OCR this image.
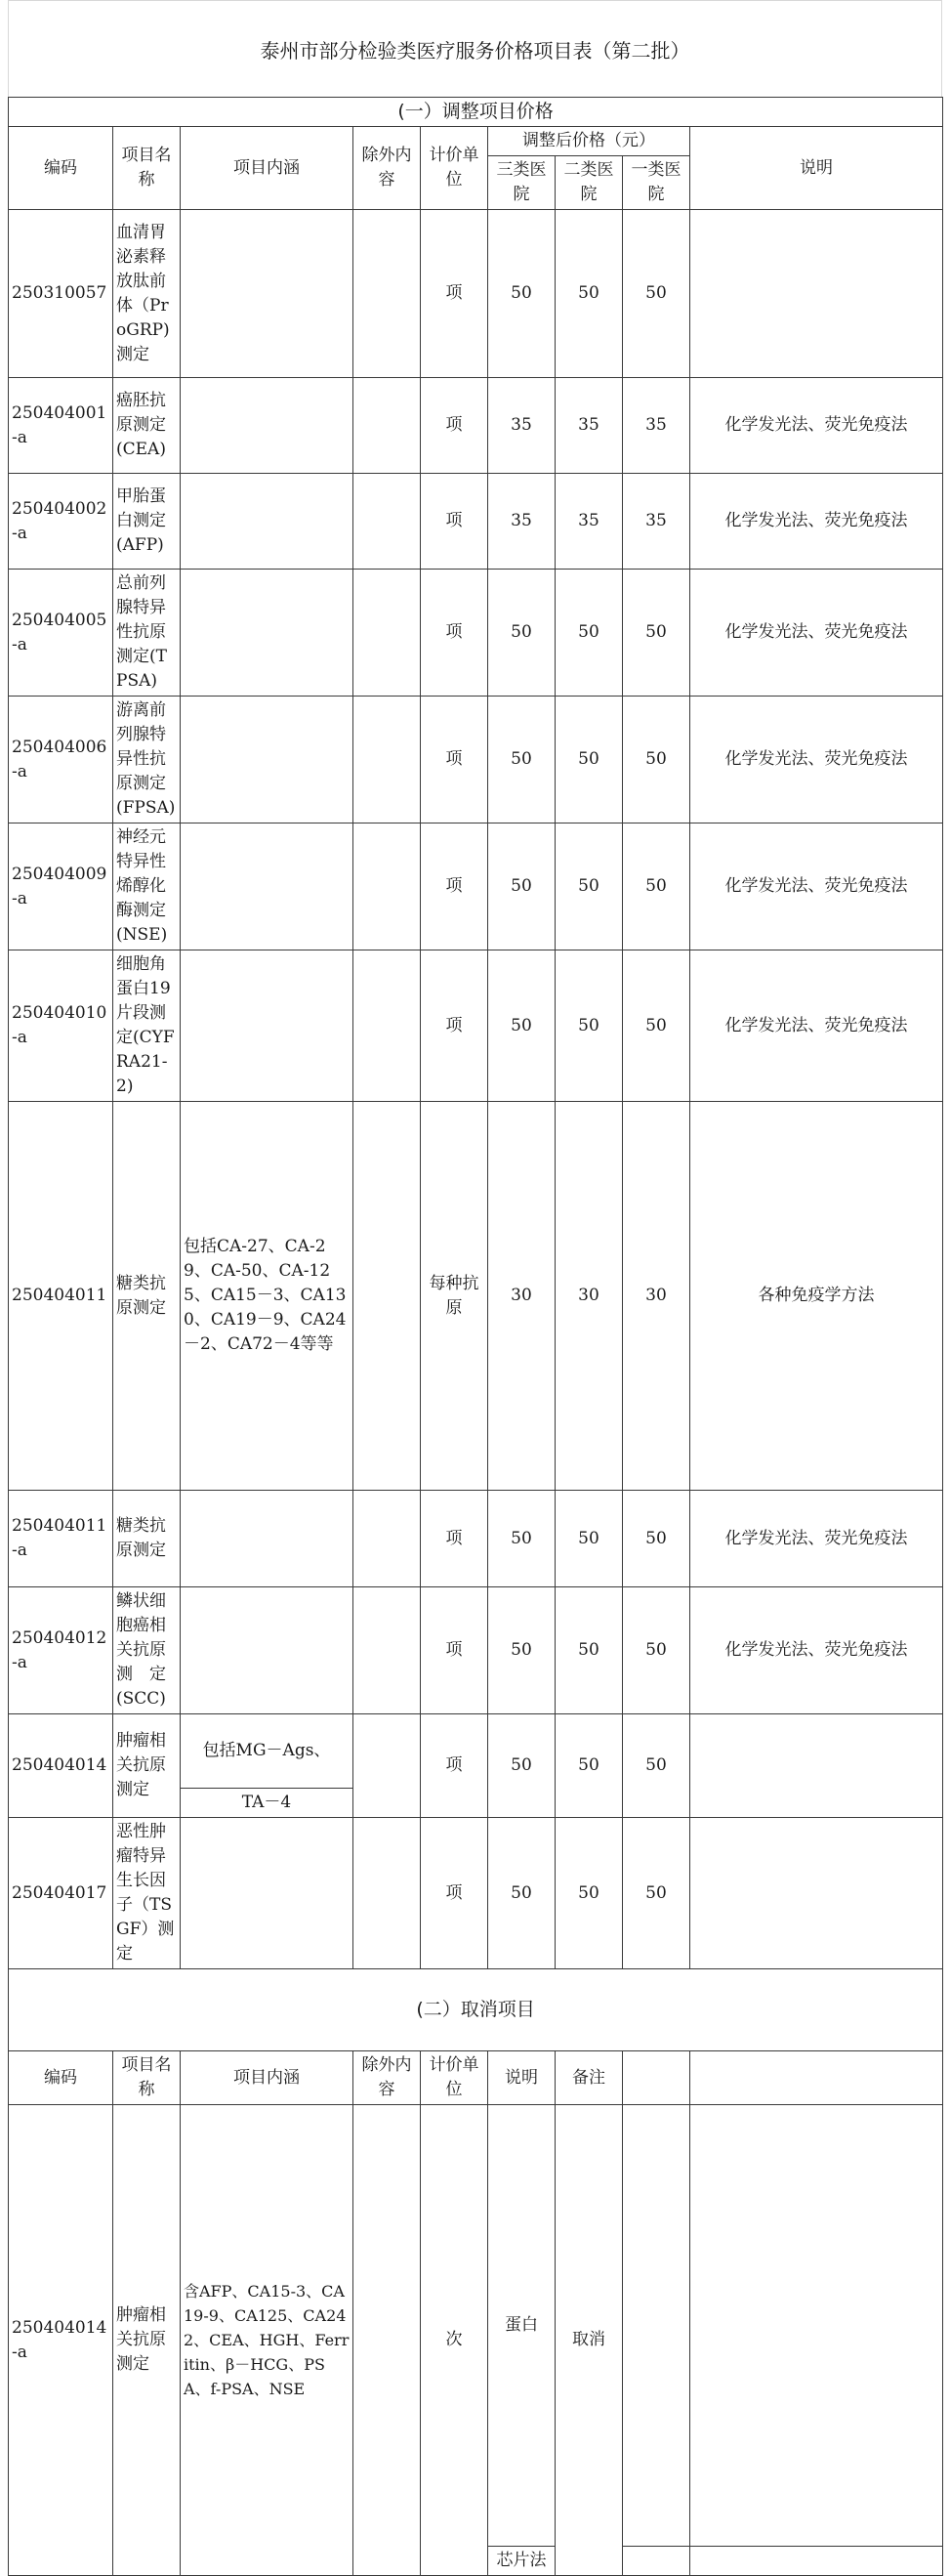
泰州市部分检验类医疗服务价格项目表（第二批）
(一）调整项目价格								
编码	项目名称	项目内涵	除外内容	计价单位	调整后价格（元）			说明
					三类医院	二类医院	一类医院	
250310057	血清胃泌素释放肽前体（ProGRP)测定			项	50	50	50	
250404001-a	癌胚抗原测定(CEA)			项	35	35	35	化学发光法、荧光免疫法
250404002-a	甲胎蛋白测定(AFP)			项	35	35	35	化学发光法、荧光免疫法
250404005-a	总前列腺特异性抗原测定(TPSA)			项	50	50	50	化学发光法、荧光免疫法
250404006-a	游离前列腺特异性抗原测定(FPSA)			项	50	50	50	化学发光法、荧光免疫法
250404009-a	神经元特异性烯醇化酶测定(NSE)			项	50	50	50	化学发光法、荧光免疫法
250404010-a	细胞角蛋白19片段测定(CYFRA21-2)			项	50	50	50	化学发光法、荧光免疫法
250404011	糖类抗原测定	包括CA-27、CA-29、CA-50、CA-125、CA15－3、CA130、CA19－9、CA24－2、CA72－4等等		每种抗原	30	30	30	各种免疫学方法
250404011-a	糖类抗原测定			项	50	50	50	化学发光法、荧光免疫法
250404012-a	鳞状细胞癌相关抗原测　定(SCC)			项	50	50	50	化学发光法、荧光免疫法
250404014	肿瘤相关抗原测定	包括MG－Ags、		项	50	50	50	
		TA－4						
250404017	恶性肿瘤特异生长因子（TSGF）测定			项	50	50	50	
(二）取消项目								
编码	项目名称	项目内涵	除外内容	计价单位	说明	备注		
250404014-a	肿瘤相关抗原测定	含AFP、CA15-3、CA19-9、CA125、CA242、CEA、HGH、Ferritin、β－HCG、PSA、f-PSA、NSE		次	蛋白	取消		
					芯片法			
